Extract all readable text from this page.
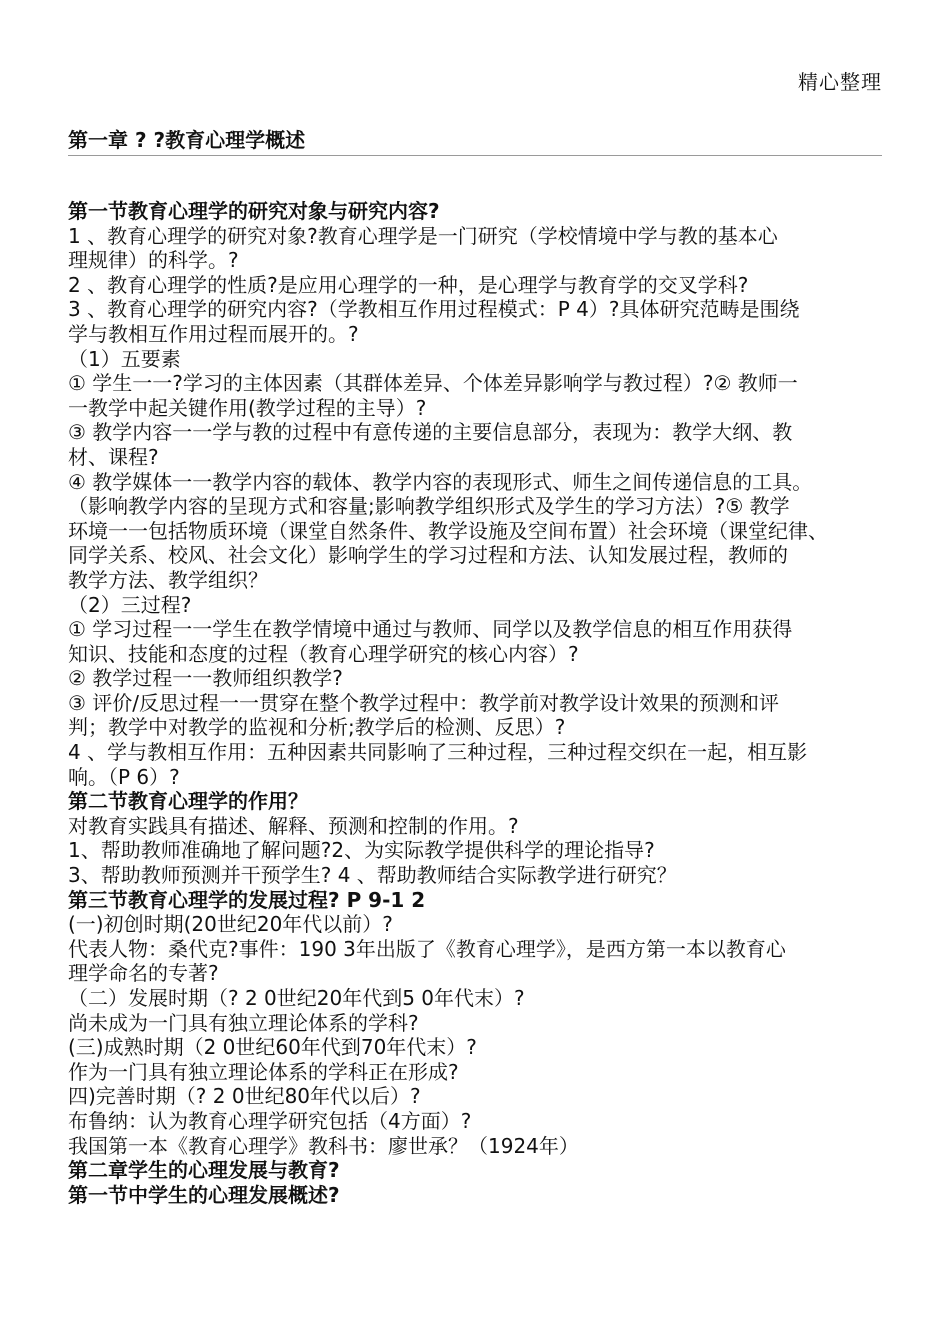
精心整理
第一章 ? ?教育心理学概述
第一节教育心理学的研究对象与研究内容?
1 、教育心理学的研究对象?教育心理学是一门研究（学校情境中学与教的基本心
理规律）的科学。?
2 、教育心理学的性质?是应用心理学的一种，是心理学与教育学的交叉学科?
3 、教育心理学的研究内容?（学教相互作用过程模式：P 4）?具体研究范畴是围绕
学与教相互作用过程而展开的。?
（1）五要素
① 学生一一?学习的主体因素（其群体差异、个体差异影响学与教过程）?② 教师一
一教学中起关键作用(教学过程的主导）?
③ 教学内容一一学与教的过程中有意传递的主要信息部分，表现为：教学大纲、教
材、课程?
④ 教学媒体一一教学内容的载体、教学内容的表现形式、师生之间传递信息的工具。
（影响教学内容的呈现方式和容量;影响教学组织形式及学生的学习方法）?⑤ 教学
环境一一包括物质环境（课堂自然条件、教学设施及空间布置）社会环境（课堂纪律、
同学关系、校风、社会文化）影响学生的学习过程和方法、认知发展过程，教师的
教学方法、教学组织？
（2）三过程?
① 学习过程一一学生在教学情境中通过与教师、同学以及教学信息的相互作用获得
知识、技能和态度的过程（教育心理学研究的核心内容）?
② 教学过程一一教师组织教学?
③ 评价/反思过程一一贯穿在整个教学过程中：教学前对教学设计效果的预测和评
判；教学中对教学的监视和分析;教学后的检测、反思）?
4 、学与教相互作用：五种因素共同影响了三种过程，三种过程交织在一起，相互影
响。（P 6）?
第二节教育心理学的作用？
对教育实践具有描述、解释、预测和控制的作用。?
1、帮助教师准确地了解问题?2、为实际教学提供科学的理论指导?
3、帮助教师预测并干预学生? 4 、帮助教师结合实际教学进行研究？
第三节教育心理学的发展过程? P 9-1 2
(一)初创时期(20世纪20年代以前）?
代表人物：桑代克?事件：190 3年出版了《教育心理学》，是西方第一本以教育心
理学命名的专著?
（二）发展时期（? 2 0世纪20年代到5 0年代末）?
尚未成为一门具有独立理论体系的学科?
(三)成熟时期（2 0世纪60年代到70年代末）?
作为一门具有独立理论体系的学科正在形成?
四)完善时期（? 2 0世纪80年代以后）?
布鲁纳：认为教育心理学研究包括（4方面）?
我国第一本《教育心理学》教科书：廖世承？（1924年）
第二章学生的心理发展与教育?
第一节中学生的心理发展概述?
